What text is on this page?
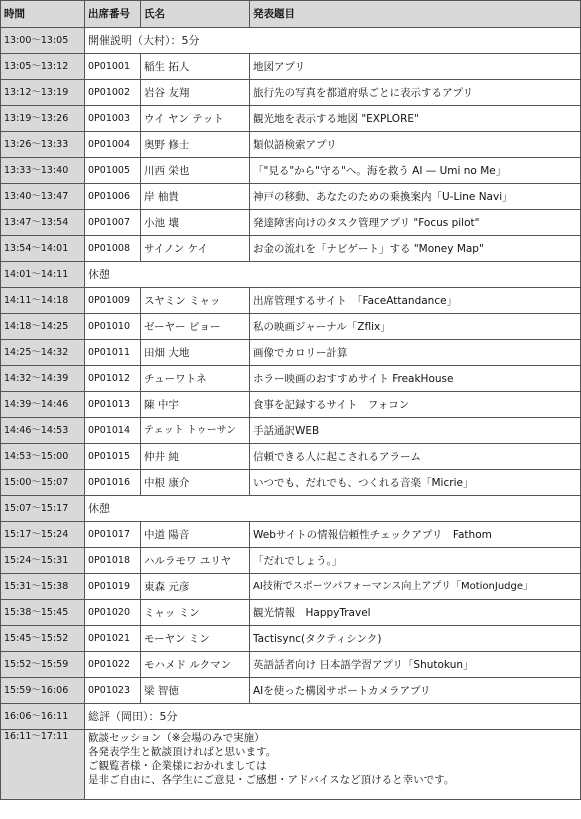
時間	出席番号	氏名	発表題目
13:00～13:05	開催説明（大村）：5分		
13:05～13:12	0P01001	稲生 拓人	地図アプリ
13:12～13:19	0P01002	岩谷 友翔	旅行先の写真を都道府県ごとに表示するアプリ
13:19～13:26	0P01003	ウイ ヤン テット	観光地を表示する地図 "EXPLORE"
13:26～13:33	0P01004	奥野 修士	類似語検索アプリ
13:33～13:40	0P01005	川西 栄也	「"見る"から"守る"へ。海を救う AI — Umi no Me」
13:40～13:47	0P01006	岸 柚貴	神戸の移動、あなたのための乗換案内「U-Line Navi」
13:47～13:54	0P01007	小池 壤	発達障害向けのタスク管理アプリ "Focus pilot"
13:54～14:01	0P01008	サイノン ケイ	お金の流れを「ナビゲート」する "Money Map"
14:01～14:11	休憩		
14:11～14:18	0P01009	スヤミン ミャッ	出席管理するサイト　「FaceAttandance」
14:18～14:25	0P01010	ゼーヤー ピョー	私の映画ジャーナル「Zflix」
14:25～14:32	0P01011	田畑 大地	画像でカロリー計算
14:32～14:39	0P01012	チューワトネ	ホラー映画のおすすめサイト FreakHouse
14:39～14:46	0P01013	陳 中宇	食事を記録するサイト　フォコン
14:46～14:53	0P01014	テェット トゥーサン	手話通訳WEB
14:53～15:00	0P01015	仲井 純	信頼できる人に起こされるアラーム
15:00～15:07	0P01016	中根 康介	いつでも、だれでも、つくれる音楽「Micrie」
15:07～15:17	休憩		
15:17～15:24	0P01017	中道 陽音	Webサイトの情報信頼性チェックアプリ　Fathom
15:24～15:31	0P01018	ハルラモワ ユリヤ	「だれでしょう。」
15:31～15:38	0P01019	東森 元彦	AI技術でスポーツパフォーマンス向上アプリ「MotionJudge」
15:38～15:45	0P01020	ミャッ ミン	観光情報　HappyTravel
15:45～15:52	0P01021	モーヤン ミン	Tactisync(タクティシンク)
15:52～15:59	0P01022	モハメド ルクマン	英語話者向け 日本語学習アプリ「Shutokun」
15:59～16:06	0P01023	梁 智徳	AIを使った構図サポートカメラアプリ
16:06～16:11	総評（岡田）：5分		
16:11～17:11	歓談セッション（※会場のみで実施）
各発表学生と歓談頂ければと思います。
ご観覧者様・企業様におかれましては
是非ご自由に、各学生にご意見・ご感想・アドバイスなど頂けると幸いです。		
